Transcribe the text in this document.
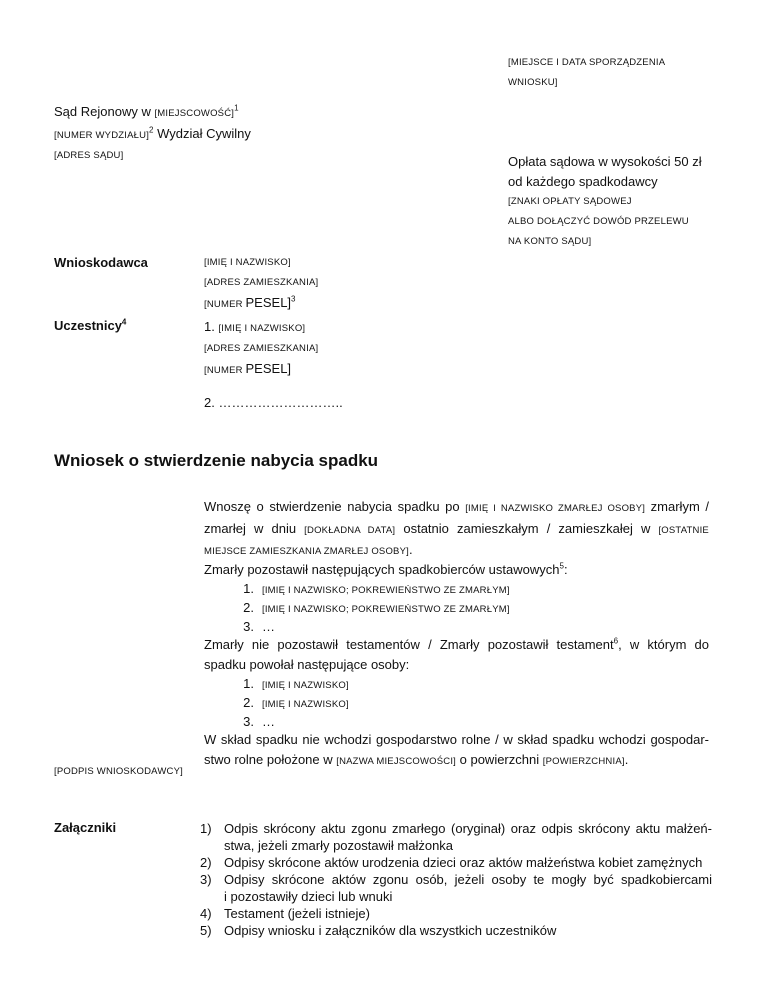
[MIEJSCE I DATA SPORZĄDZENIA
WNIOSKU]
Sąd Rejonowy w [MIEJSCOWOŚĆ]$^1$
[NUMER WYDZIAŁU]$^2$ Wydział Cywilny
[ADRES SĄDU]	Opłata sądowa w wysokości 50 zł
od każdego spadkodawcy
[ZNAKI OPŁATY SĄDOWEJ
ALBO DOŁĄCZYĆ DOWÓD PRZELEWU
NA KONTO SĄDU]
Wnioskodawca	[IMIĘ I NAZWISKO]
[ADRES ZAMIESZKANIA]
[NUMER PESEL]$^3$
Uczestnicy$^4$	1. [IMIĘ I NAZWISKO]
[ADRES ZAMIESZKANIA]
[NUMER PESEL]
2. ………………………..
Wniosek o stwierdzenie nabycia spadku
Wnoszę o stwierdzenie nabycia spadku po [IMIĘ I NAZWISKO ZMARŁEJ OSOBY] zmarłym /
zmarłej w dniu [DOKŁADNA DATA] ostatnio zamieszkałym / zamieszkałej w [OSTATNIE
MIEJSCE ZAMIESZKANIA ZMARŁEJ OSOBY].
Zmarły pozostawił następujących spadkobierców ustawowych$^5$:
1. [IMIĘ I NAZWISKO; POKREWIEŃSTWO ZE ZMARŁYM]
2. [IMIĘ I NAZWISKO; POKREWIEŃSTWO ZE ZMARŁYM]
3. …
Zmarły nie pozostawił testamentów / Zmarły pozostawił testament$^6$, w którym do
spadku powołał następujące osoby:
1. [IMIĘ I NAZWISKO]
2. [IMIĘ I NAZWISKO]
3. …
W skład spadku nie wchodzi gospodarstwo rolne / w skład spadku wchodzi gospodar-
stwo rolne położone w [NAZWA MIEJSCOWOŚCI] o powierzchni [POWIERZCHNIA].
[PODPIS WNIOSKODAWCY]
Załączniki	1) Odpis skrócony aktu zgonu zmarłego (oryginał) oraz odpis skrócony aktu małżeń-
stwa, jeżeli zmarły pozostawił małżonka
2) Odpisy skrócone aktów urodzenia dzieci oraz aktów małżeństwa kobiet zamężnych
3) Odpisy skrócone aktów zgonu osób, jeżeli osoby te mogły być spadkobiercami
i pozostawiły dzieci lub wnuki
4) Testament (jeżeli istnieje)
5) Odpisy wniosku i załączników dla wszystkich uczestników
